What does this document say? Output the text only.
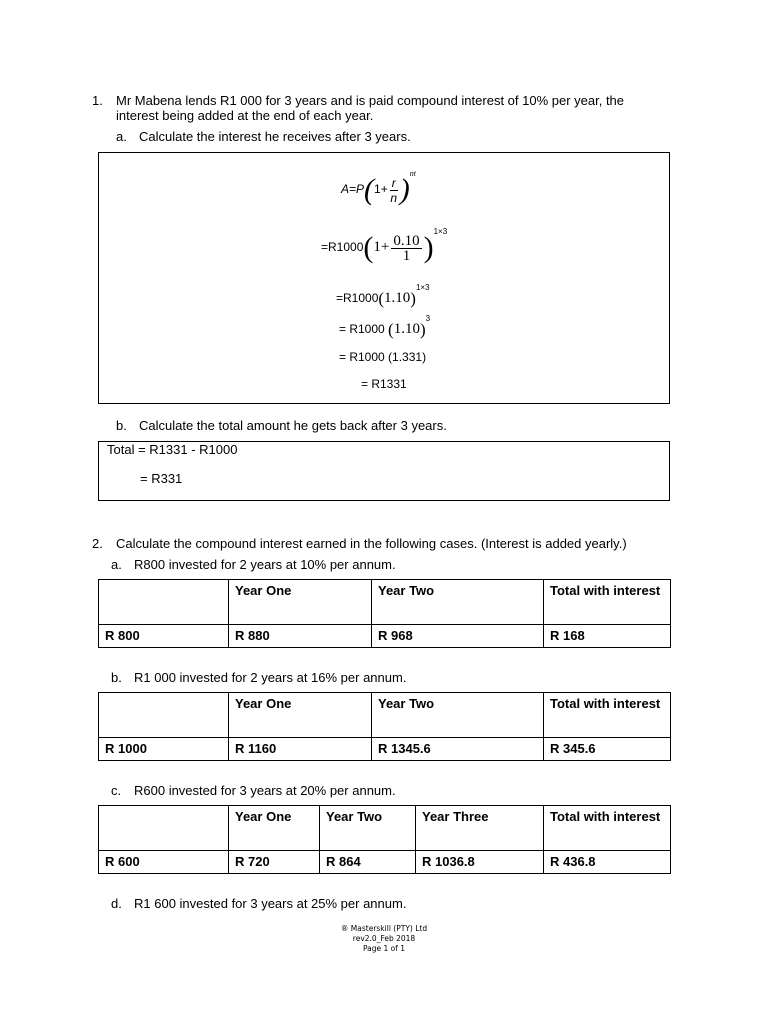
1. Mr Mabena lends R1 000 for 3 years and is paid compound interest of 10% per year, the interest being added at the end of each year.
a. Calculate the interest he receives after 3 years.
$A=P(1+ \frac{r}{n} )^{nt}$
$=R1000(1+ \frac{0.10}{1} )^{1\times 3}$
$=R1000(1.10)^{1\times 3}$
= R1000 $(1.10)^3$
= R1000 (1.331)
= R1331
b. Calculate the total amount he gets back after 3 years.
Total = R1331 - R1000
= R331
2. Calculate the compound interest earned in the following cases. (Interest is added yearly.)
a. R800 invested for 2 years at 10% per annum.
	Year One	Year Two	Total with interest
R 800	R 880	R 968	R 168
b. R1 000 invested for 2 years at 16% per annum.
	Year One	Year Two	Total with interest
R 1000	R 1160	R 1345.6	R 345.6
c. R600 invested for 3 years at 20% per annum.
	Year One	Year Two	Year Three	Total with interest
R 600	R 720	R 864	R 1036.8	R 436.8
d. R1 600 invested for 3 years at 25% per annum.
® Masterskill (PTY) Ltd
rev2.0_Feb 2018
Page 1 of 1
